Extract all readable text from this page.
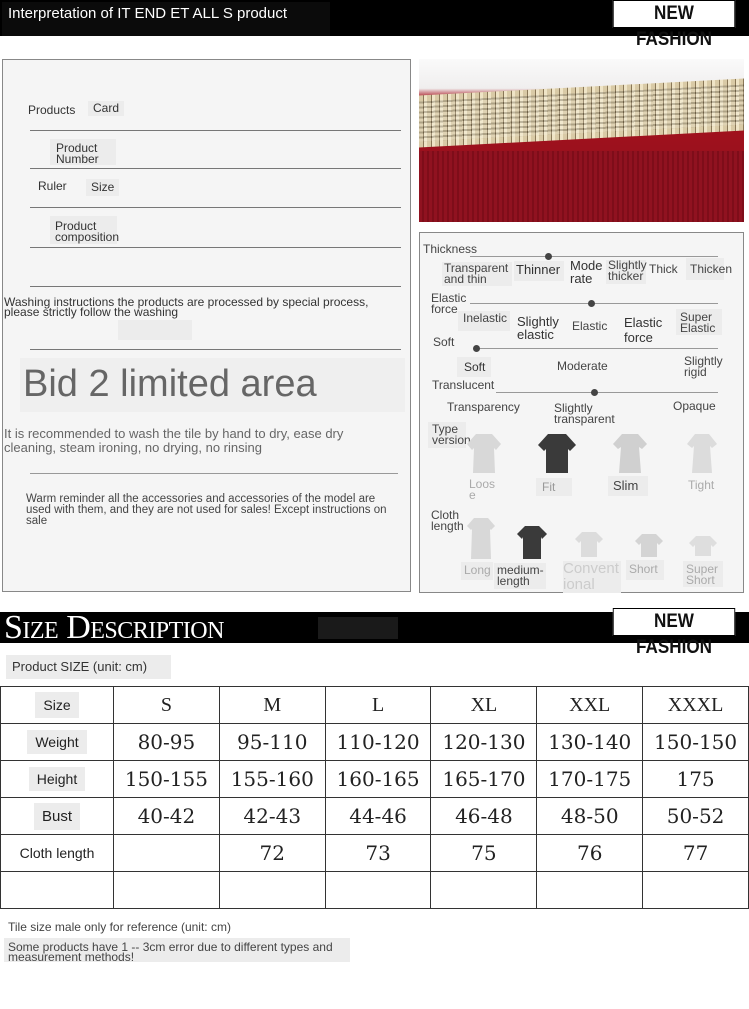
Interpretation of IT END ET ALL S product	NEW FASHION
Products	Card
Product
Number
Ruler	Size
Product
composition
Washing instructions the products are processed by special process, please strictly follow the washing
Bid 2 limited area
It is recommended to wash the tile by hand to dry, ease dry cleaning, steam ironing, no drying, no rinsing
Warm reminder all the accessories and accessories of the model are used with them, and they are not used for sales! Except instructions on sale
Thickness
Transparent
and thin
Thinner Mode
rate
Slightly
thicker Thick	Thicken
Elastic
force
Inelastic Slightly
elastic
Elastic Elastic
force
Super
Elastic
Soft
Soft	Moderate	Slightly
rigid
Translucent
Transparency	Slightly
transparent
Opaque
Type
version
Loos
e
Fit	Slim	Tight
Cloth
length
Long medium-
length
Convent
ional
Short	Super
Short
Size Description	NEW FASHION
Product SIZE (unit: cm)
Size	S	M	L	XL	XXL	XXXL
Weight	80-95	95-110	110-120	120-130	130-140	150-150
Height	150-155	155-160	160-165	165-170	170-175	175
Bust	40-42	42-43	44-46	46-48	48-50	50-52
Cloth length		72	73	75	76	77

Tile size male only for reference (unit: cm)
Some products have 1 -- 3cm error due to different types and measurement methods!
